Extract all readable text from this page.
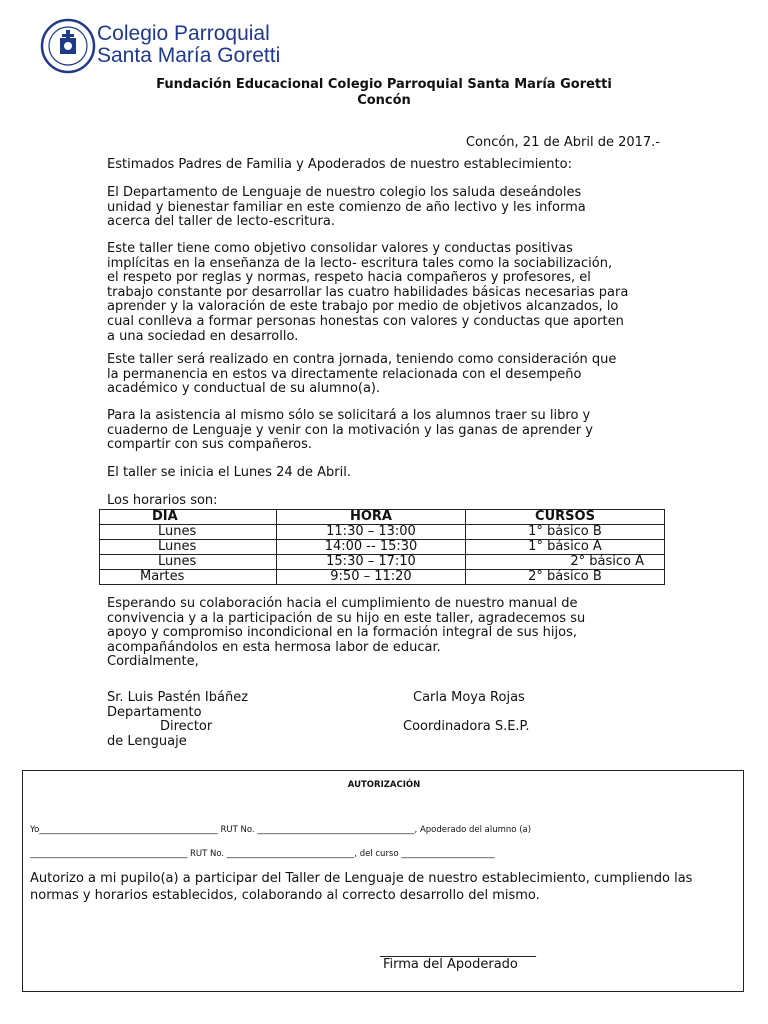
Colegio Parroquial
Santa María Goretti
Fundación Educacional Colegio Parroquial Santa María Goretti
Concón
Concón, 21 de Abril de 2017.-
Estimados Padres de Familia y Apoderados de nuestro establecimiento:
El Departamento de Lenguaje de nuestro colegio los saluda deseándoles
unidad y bienestar familiar en este comienzo de año lectivo y les informa
acerca del taller de lecto-escritura.
Este taller tiene como objetivo consolidar valores y conductas positivas
implícitas en la enseñanza de la lecto- escritura tales como la sociabilización,
el respeto por reglas y normas, respeto hacia compañeros y profesores, el
trabajo constante por desarrollar las cuatro habilidades básicas necesarias para
aprender y la valoración de este trabajo por medio de objetivos alcanzados, lo
cual conlleva a formar personas honestas con valores y conductas que aporten
a una sociedad en desarrollo.
Este taller será realizado en contra jornada, teniendo como consideración que
la permanencia en estos va directamente relacionada con el desempeño
académico y conductual de su alumno(a).
Para la asistencia al mismo sólo se solicitará a los alumnos traer su libro y
cuaderno de Lenguaje y venir con la motivación y las ganas de aprender y
compartir con sus compañeros.
El taller se inicia el Lunes 24 de Abril.
Los horarios son:
DIA	HORA	CURSOS
Lunes	11:30 – 13:00	1° básico B
Lunes	14:00 -- 15:30	1° básico A
Lunes	15:30 – 17:10	2° básico A
Martes	9:50 – 11:20	2° básico B
Esperando su colaboración hacia el cumplimiento de nuestro manual de
convivencia y a la participación de su hijo en este taller, agradecemos su
apoyo y compromiso incondicional en la formación integral de sus hijos,
acompañándolos en esta hermosa labor de educar.
Cordialmente,
Sr. Luis Pastén Ibáñez
Departamento
Director
de Lenguaje
Carla Moya Rojas
Coordinadora S.E.P.
AUTORIZACIÓN
Yo__________________________________________ RUT No. _____________________________________, Apoderado del alumno (a)
_____________________________________ RUT No. ______________________________, del curso ______________________
Autorizo a mi pupilo(a) a participar del Taller de Lenguaje de nuestro establecimiento, cumpliendo las
normas y horarios establecidos, colaborando al correcto desarrollo del mismo.
________________________
Firma del Apoderado
